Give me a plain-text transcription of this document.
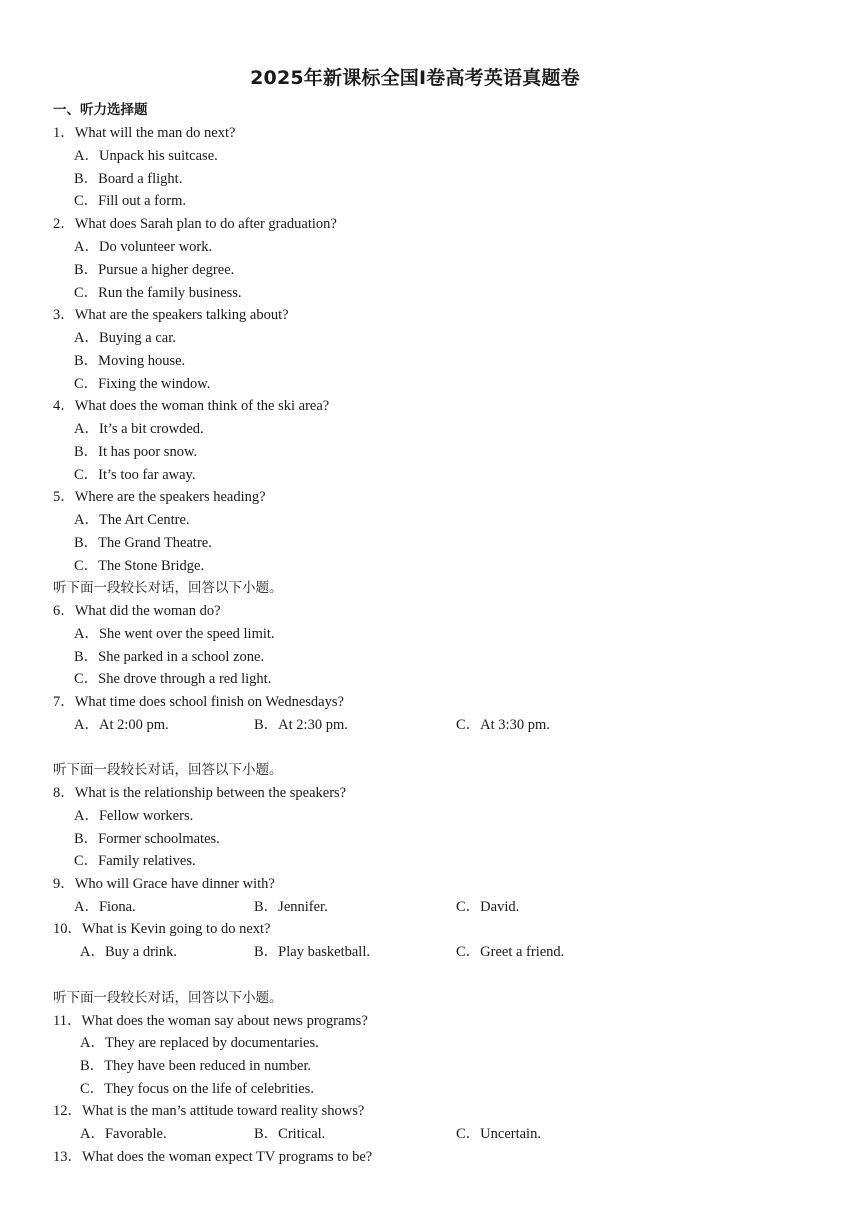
2025年新课标全国Ⅰ卷高考英语真题卷
一、听力选择题
1．What will the man do next?
A．Unpack his suitcase.
B．Board a flight.
C．Fill out a form.
2．What does Sarah plan to do after graduation?
A．Do volunteer work.
B．Pursue a higher degree.
C．Run the family business.
3．What are the speakers talking about?
A．Buying a car.
B．Moving house.
C．Fixing the window.
4．What does the woman think of the ski area?
A．It’s a bit crowded.
B．It has poor snow.
C．It’s too far away.
5．Where are the speakers heading?
A．The Art Centre.
B．The Grand Theatre.
C．The Stone Bridge.
听下面一段较长对话，回答以下小题。
6．What did the woman do?
A．She went over the speed limit.
B．She parked in a school zone.
C．She drove through a red light.
7．What time does school finish on Wednesdays?
A．At 2:00 pm.	B．At 2:30 pm.	C．At 3:30 pm.
听下面一段较长对话，回答以下小题。
8．What is the relationship between the speakers?
A．Fellow workers.
B．Former schoolmates.
C．Family relatives.
9．Who will Grace have dinner with?
A．Fiona.	B．Jennifer.	C．David.
10．What is Kevin going to do next?
A．Buy a drink.	B．Play basketball.	C．Greet a friend.
听下面一段较长对话，回答以下小题。
11．What does the woman say about news programs?
A．They are replaced by documentaries.
B．They have been reduced in number.
C．They focus on the life of celebrities.
12．What is the man’s attitude toward reality shows?
A．Favorable.	B．Critical.	C．Uncertain.
13．What does the woman expect TV programs to be?
